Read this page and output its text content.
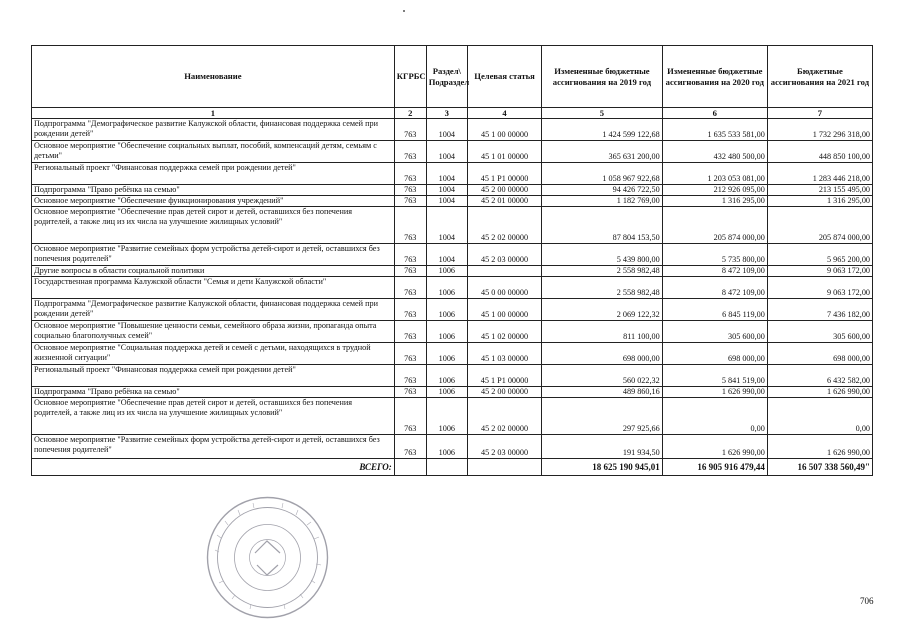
Наименование	КГРБС	Раздел\ Подраздел	Целевая статья	Измененные бюджетные ассигнования на 2019 год	Измененные бюджетные ассигнования на 2020 год	Бюджетные ассигнования на 2021 год
1	2	3	4	5	6	7
Подпрограмма "Демографическое развитие Калужской области, финансовая поддержка семей при рождении детей"	763	1004	45 1 00 00000	1 424 599 122,68	1 635 533 581,00	1 732 296 318,00
Основное мероприятие "Обеспечение социальных выплат, пособий, компенсаций детям, семьям с детьми"	763	1004	45 1 01 00000	365 631 200,00	432 480 500,00	448 850 100,00
Региональный проект "Финансовая поддержка семей при рождении детей"	763	1004	45 1 P1 00000	1 058 967 922,68	1 203 053 081,00	1 283 446 218,00
Подпрограмма "Право ребёнка на семью"	763	1004	45 2 00 00000	94 426 722,50	212 926 095,00	213 155 495,00
Основное мероприятие "Обеспечение функционирования учреждений"	763	1004	45 2 01 00000	1 182 769,00	1 316 295,00	1 316 295,00
Основное мероприятие "Обеспечение прав детей сирот и детей, оставшихся без попечения родителей, а также лиц из их числа на улучшение жилищных условий"	763	1004	45 2 02 00000	87 804 153,50	205 874 000,00	205 874 000,00
Основное мероприятие "Развитие семейных форм устройства детей-сирот и детей, оставшихся без попечения родителей"	763	1004	45 2 03 00000	5 439 800,00	5 735 800,00	5 965 200,00
Другие вопросы в области социальной политики	763	1006		2 558 982,48	8 472 109,00	9 063 172,00
Государственная программа Калужской области "Семья и дети Калужской области"	763	1006	45 0 00 00000	2 558 982,48	8 472 109,00	9 063 172,00
Подпрограмма "Демографическое развитие Калужской области, финансовая поддержка семей при рождении детей"	763	1006	45 1 00 00000	2 069 122,32	6 845 119,00	7 436 182,00
Основное мероприятие "Повышение ценности семьи, семейного образа жизни, пропаганда опыта социально благополучных семей"	763	1006	45 1 02 00000	811 100,00	305 600,00	305 600,00
Основное мероприятие "Социальная поддержка детей и семей с детьми, находящихся в трудной жизненной ситуации"	763	1006	45 1 03 00000	698 000,00	698 000,00	698 000,00
Региональный проект "Финансовая поддержка семей при рождении детей"	763	1006	45 1 P1 00000	560 022,32	5 841 519,00	6 432 582,00
Подпрограмма "Право ребёнка на семью"	763	1006	45 2 00 00000	489 860,16	1 626 990,00	1 626 990,00
Основное мероприятие "Обеспечение прав детей сирот и детей, оставшихся без попечения родителей, а также лиц из их числа на улучшение жилищных условий"	763	1006	45 2 02 00000	297 925,66	0,00	0,00
Основное мероприятие "Развитие семейных форм устройства детей-сирот и детей, оставшихся без попечения родителей"	763	1006	45 2 03 00000	191 934,50	1 626 990,00	1 626 990,00
ВСЕГО:				18 625 190 945,01	16 905 916 479,44	16 507 338 560,49"
706
